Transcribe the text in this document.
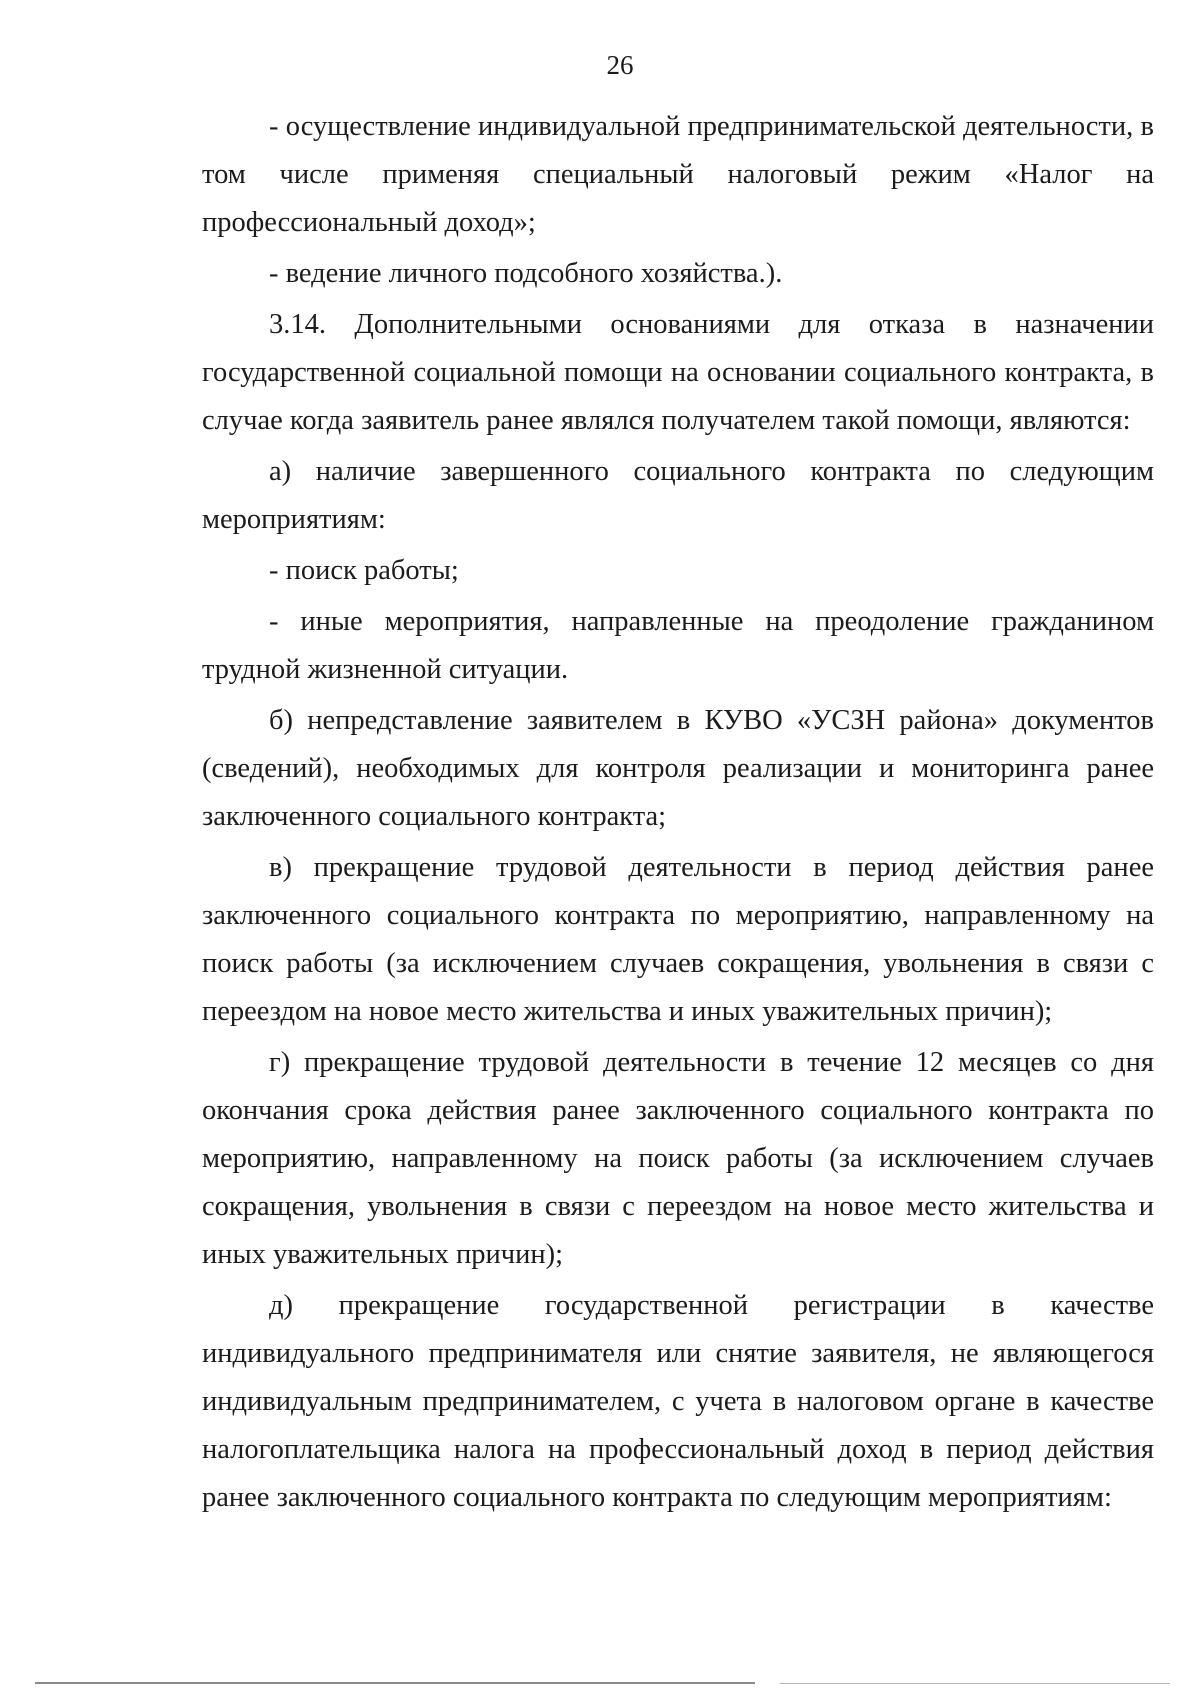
26

- осуществление индивидуальной предпринимательской деятельности, в том числе применяя специальный налоговый режим «Налог на профессиональный доход»;

- ведение личного подсобного хозяйства.).

3.14. Дополнительными основаниями для отказа в назначении государственной социальной помощи на основании социального контракта, в случае когда заявитель ранее являлся получателем такой помощи, являются:

а) наличие завершенного социального контракта по следующим мероприятиям:

- поиск работы;

- иные мероприятия, направленные на преодоление гражданином трудной жизненной ситуации.

б) непредставление заявителем в КУВО «УСЗН района» документов (сведений), необходимых для контроля реализации и мониторинга ранее заключенного социального контракта;

в) прекращение трудовой деятельности в период действия ранее заключенного социального контракта по мероприятию, направленному на поиск работы (за исключением случаев сокращения, увольнения в связи с переездом на новое место жительства и иных уважительных причин);

г) прекращение трудовой деятельности в течение 12 месяцев со дня окончания срока действия ранее заключенного социального контракта по мероприятию, направленному на поиск работы (за исключением случаев сокращения, увольнения в связи с переездом на новое место жительства и иных уважительных причин);

д) прекращение государственной регистрации в качестве индивидуального предпринимателя или снятие заявителя, не являющегося индивидуальным предпринимателем, с учета в налоговом органе в качестве налогоплательщика налога на профессиональный доход в период действия ранее заключенного социального контракта по следующим мероприятиям:
